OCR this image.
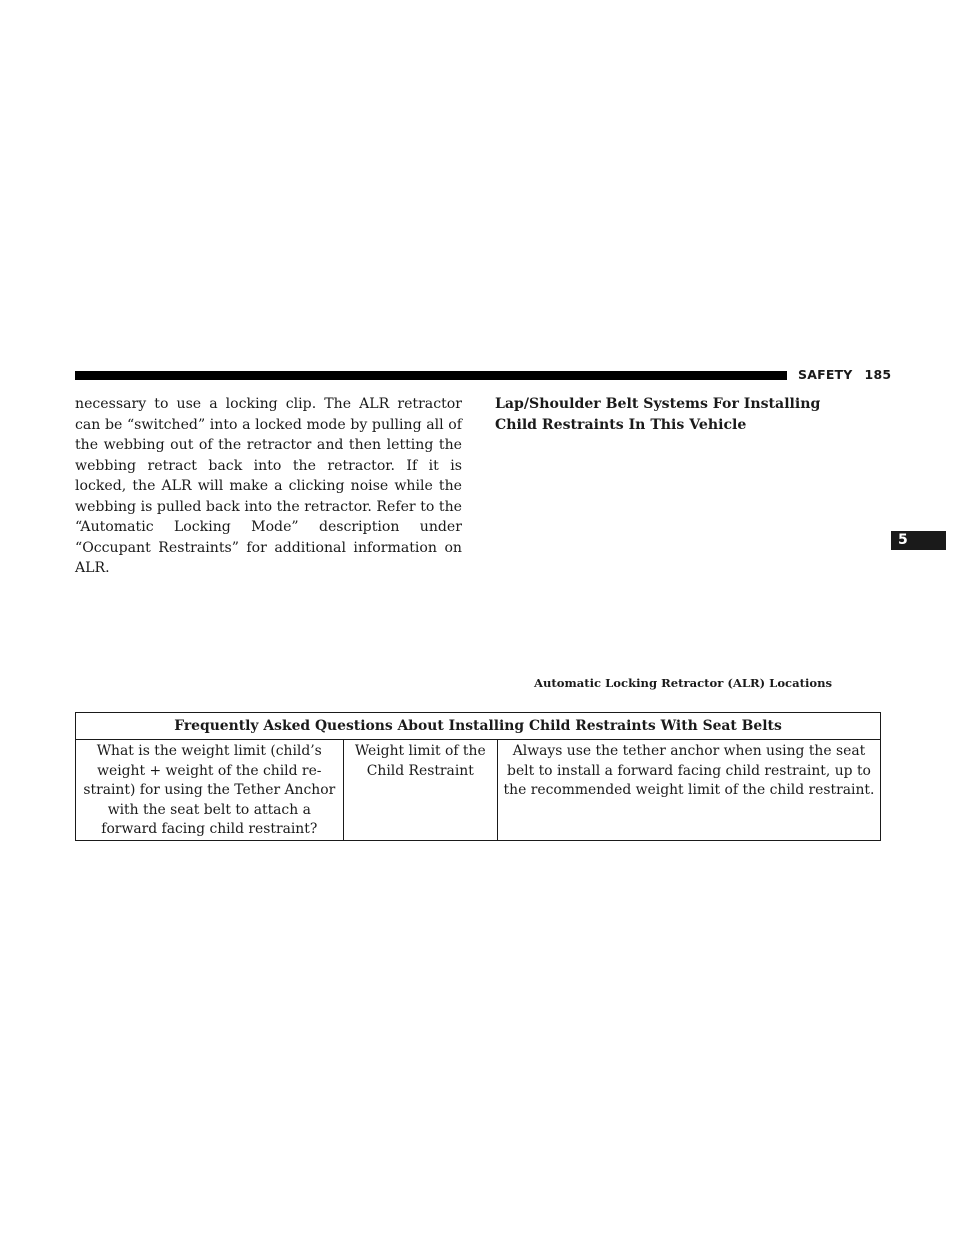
SAFETY 185

necessary to use a locking clip. The ALR retractor can be “switched” into a locked mode by pulling all of the webbing out of the retractor and then letting the webbing retract back into the retractor. If it is locked, the ALR will make a clicking noise while the webbing is pulled back into the retractor. Refer to the “Automatic Locking Mode” description under “Occupant Restraints” for additional information on ALR.

Lap/Shoulder Belt Systems For Installing Child Restraints In This Vehicle
5
Automatic Locking Retractor (ALR) Locations
Frequently Asked Questions About Installing Child Restraints With Seat Belts
What is the weight limit (child’s weight + weight of the child re-straint) for using the Tether Anchor with the seat belt to attach a forward facing child restraint?	Weight limit of the Child Restraint	Always use the tether anchor when using the seat belt to install a forward facing child restraint, up to the recommended weight limit of the child restraint.
